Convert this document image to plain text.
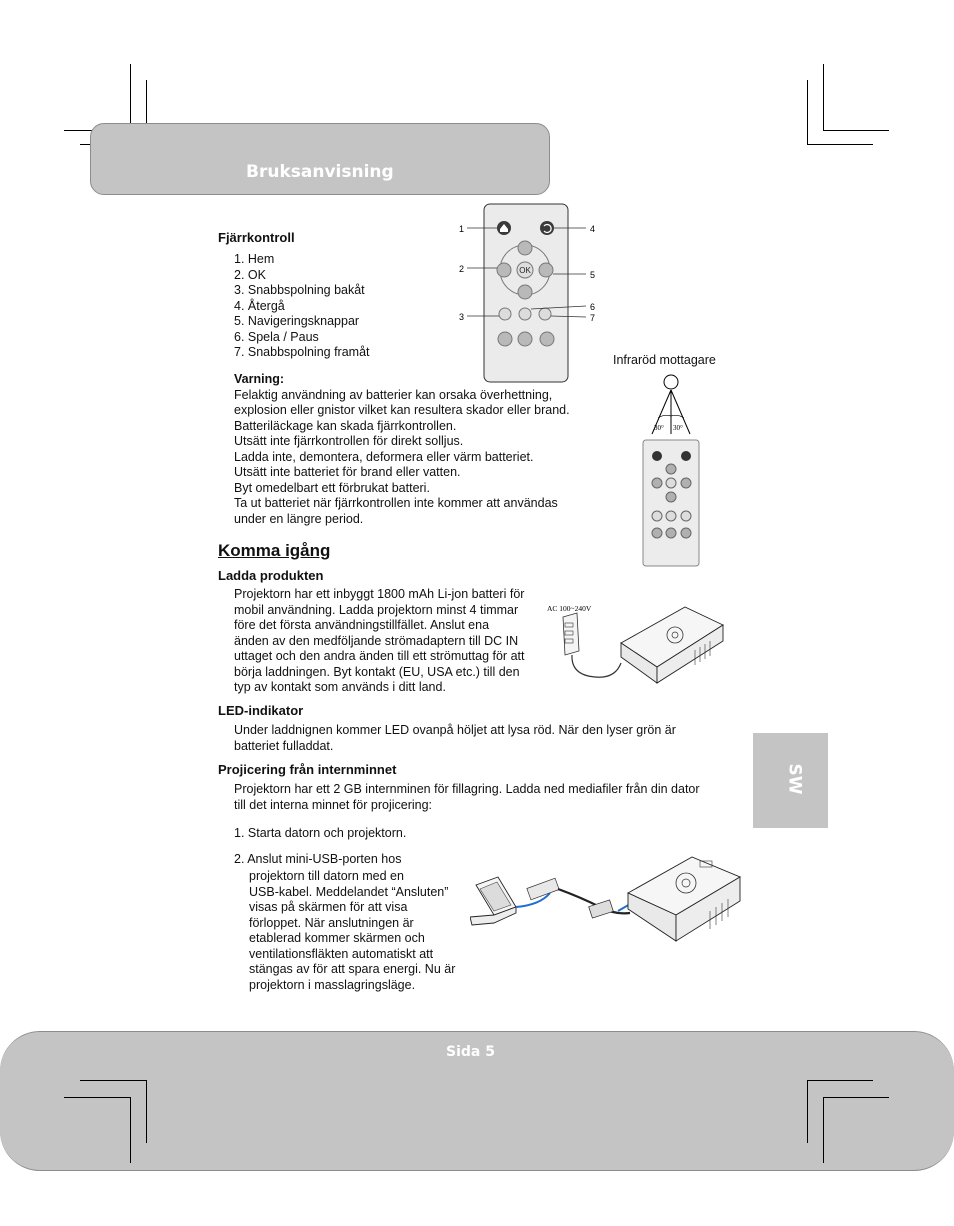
Bruksanvisning
Fjärrkontroll
1. Hem
2. OK
3. Snabbspolning bakåt
4. Återgå
5. Navigeringsknappar
6. Spela / Paus
7. Snabbspolning framåt
OK
1
2
3
4
5
6
7
Varning:
Felaktig användning av batterier kan orsaka överhettning,
explosion eller gnistor vilket kan resultera skador eller brand.
Batteriläckage kan skada fjärrkontrollen.
Utsätt inte fjärrkontrollen för direkt solljus.
Ladda inte, demontera, deformera eller värm batteriet.
Utsätt inte batteriet för brand eller vatten.
Byt omedelbart ett förbrukat batteri.
Ta ut batteriet när fjärrkontrollen inte kommer att användas
under en längre period.
Infraröd mottagare
30° 30°
Komma igång
Ladda produkten
Projektorn har ett inbyggt 1800 mAh Li-jon batteri för
mobil användning. Ladda projektorn minst 4 timmar
före det första användningstillfället. Anslut ena
änden av den medföljande strömadaptern till DC IN
uttaget och den andra änden till ett strömuttag för att
börja laddningen. Byt kontakt (EU, USA etc.) till den
typ av kontakt som används i ditt land.
AC 100~240V
LED-indikator
Under laddnignen kommer LED ovanpå höljet att lysa röd. När den lyser grön är
batteriet fulladdat.
Projicering från internminnet
Projektorn har ett 2 GB internminen för fillagring. Ladda ned mediafiler från din dator
till det interna minnet för projicering:
1. Starta datorn och projektorn.
2. Anslut mini-USB-porten hos
projektorn till datorn med en
USB-kabel. Meddelandet “Ansluten”
visas på skärmen för att visa
förloppet. När anslutningen är
etablerad kommer skärmen och
ventilationsfläkten automatiskt att
stängas av för att spara energi. Nu är
projektorn i masslagringsläge.
SW
Sida 5
